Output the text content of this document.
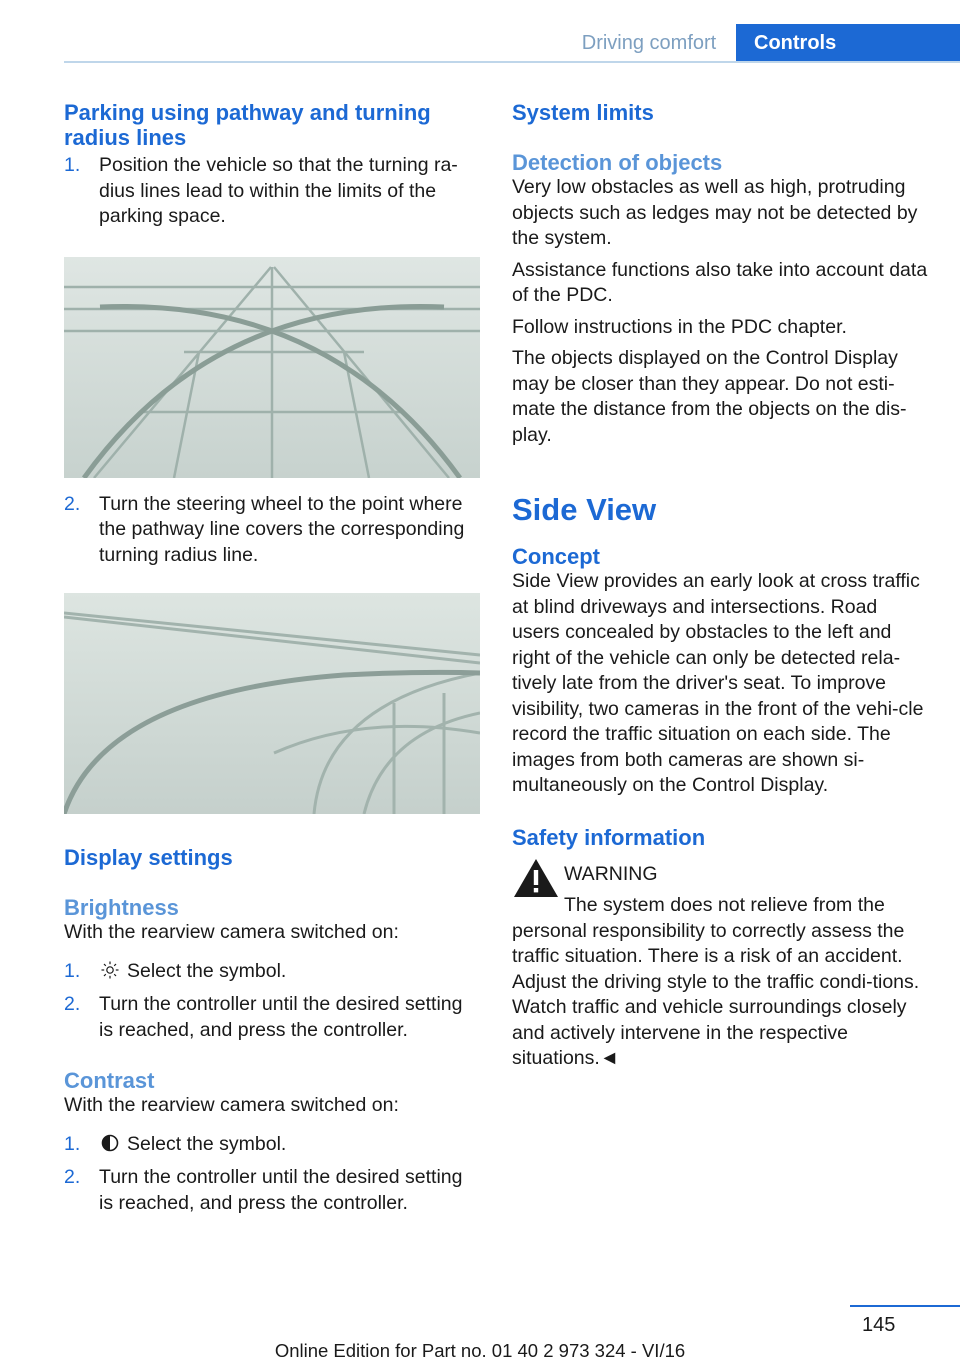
Driving comfort	Controls
Parking using pathway and turning radius lines
1. Position the vehicle so that the turning ra‐dius lines lead to within the limits of the parking space.
2. Turn the steering wheel to the point where the pathway line covers the corresponding turning radius line.
Display settings
Brightness

With the rearview camera switched on:

1.	Select the symbol.
2. Turn the controller until the desired setting is reached, and press the controller.
Contrast

With the rearview camera switched on:

1.	Select the symbol.
2. Turn the controller until the desired setting is reached, and press the controller.
System limits
Detection of objects

Very low obstacles as well as high, protruding objects such as ledges may not be detected by the system.

Assistance functions also take into account data of the PDC.

Follow instructions in the PDC chapter.

The objects displayed on the Control Display may be closer than they appear. Do not esti‐mate the distance from the objects on the dis‐play.

Side View
Concept

Side View provides an early look at cross traffic at blind driveways and intersections. Road users concealed by obstacles to the left and right of the vehicle can only be detected rela‐tively late from the driver's seat. To improve visibility, two cameras in the front of the vehi‐cle record the traffic situation on each side. The images from both cameras are shown si‐multaneously on the Control Display.

Safety information

WARNING

The system does not relieve from the

personal responsibility to correctly assess the traffic situation. There is a risk of an accident. Adjust the driving style to the traffic condi‐tions. Watch traffic and vehicle surroundings closely and actively intervene in the respective situations.◄

145
Online Edition for Part no. 01 40 2 973 324 - VI/16
